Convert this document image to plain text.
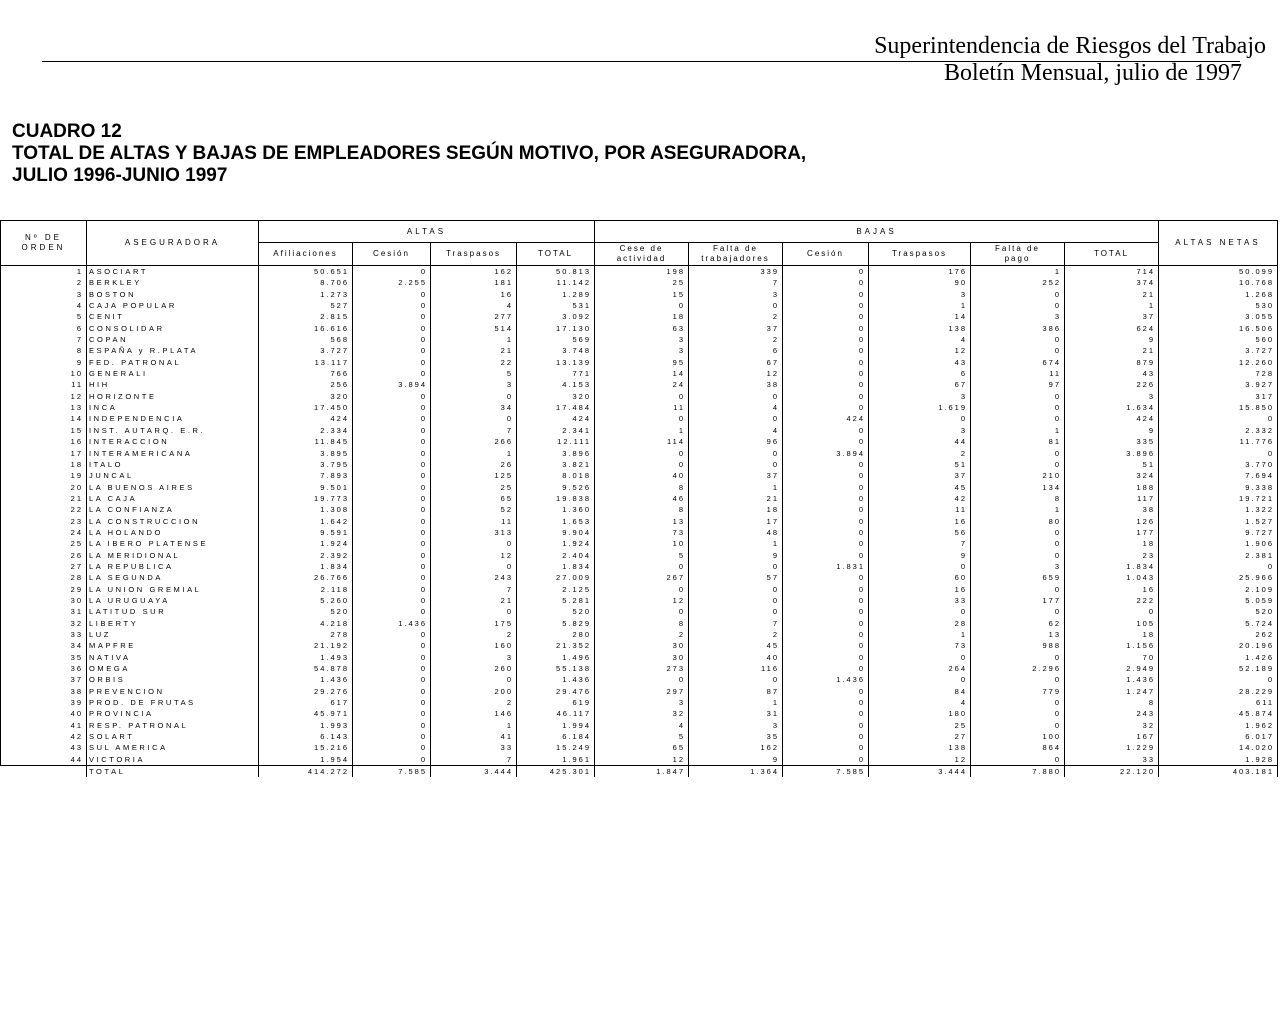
Superintendencia de Riesgos del Trabajo
Boletín Mensual, julio de 1997
CUADRO 12
TOTAL DE ALTAS Y BAJAS DE EMPLEADORES SEGÚN MOTIVO, POR ASEGURADORA,
JULIO 1996-JUNIO 1997
Nº DE ORDEN	ASEGURADORA	ALTAS				BAJAS						ALTAS NETAS
		Afiliaciones	Cesión	Traspasos	TOTAL	Cese de actividad	Falta de trabajadores	Cesión	Traspasos	Falta de pago	TOTAL	
1	ASOCIART	50.651	0	162	50.813	198	339	0	176	1	714	50.099
2	BERKLEY	8.706	2.255	181	11.142	25	7	0	90	252	374	10.768
3	BOSTON	1.273	0	16	1.289	15	3	0	3	0	21	1.268
4	CAJA POPULAR	527	0	4	531	0	0	0	1	0	1	530
5	CENIT	2.815	0	277	3.092	18	2	0	14	3	37	3.055
6	CONSOLIDAR	16.616	0	514	17.130	63	37	0	138	386	624	16.506
7	COPAN	568	0	1	569	3	2	0	4	0	9	560
8	ESPAÑA y R.PLATA	3.727	0	21	3.748	3	6	0	12	0	21	3.727
9	FED. PATRONAL	13.117	0	22	13.139	95	67	0	43	674	879	12.260
10	GENERALI	766	0	5	771	14	12	0	6	11	43	728
11	HIH	256	3.894	3	4.153	24	38	0	67	97	226	3.927
12	HORIZONTE	320	0	0	320	0	0	0	3	0	3	317
13	INCA	17.450	0	34	17.484	11	4	0	1.619	0	1.634	15.850
14	INDEPENDENCIA	424	0	0	424	0	0	424	0	0	424	0
15	INST. AUTARQ. E.R.	2.334	0	7	2.341	1	4	0	3	1	9	2.332
16	INTERACCION	11.845	0	266	12.111	114	96	0	44	81	335	11.776
17	INTERAMERICANA	3.895	0	1	3.896	0	0	3.894	2	0	3.896	0
18	ITALO	3.795	0	26	3.821	0	0	0	51	0	51	3.770
19	JUNCAL	7.893	0	125	8.018	40	37	0	37	210	324	7.694
20	LA BUENOS AIRES	9.501	0	25	9.526	8	1	0	45	134	188	9.338
21	LA CAJA	19.773	0	65	19.838	46	21	0	42	8	117	19.721
22	LA CONFIANZA	1.308	0	52	1.360	8	18	0	11	1	38	1.322
23	LA CONSTRUCCION	1.642	0	11	1.653	13	17	0	16	80	126	1.527
24	LA HOLANDO	9.591	0	313	9.904	73	48	0	56	0	177	9.727
25	LA IBERO PLATENSE	1.924	0	0	1.924	10	1	0	7	0	18	1.906
26	LA MERIDIONAL	2.392	0	12	2.404	5	9	0	9	0	23	2.381
27	LA REPUBLICA	1.834	0	0	1.834	0	0	1.831	0	3	1.834	0
28	LA SEGUNDA	26.766	0	243	27.009	267	57	0	60	659	1.043	25.966
29	LA UNION GREMIAL	2.118	0	7	2.125	0	0	0	16	0	16	2.109
30	LA URUGUAYA	5.260	0	21	5.281	12	0	0	33	177	222	5.059
31	LATITUD SUR	520	0	0	520	0	0	0	0	0	0	520
32	LIBERTY	4.218	1.436	175	5.829	8	7	0	28	62	105	5.724
33	LUZ	278	0	2	280	2	2	0	1	13	18	262
34	MAPFRE	21.192	0	160	21.352	30	45	0	73	988	1.156	20.196
35	NATIVA	1.493	0	3	1.496	30	40	0	0	0	70	1.426
36	OMEGA	54.878	0	260	55.138	273	116	0	264	2.296	2.949	52.189
37	ORBIS	1.436	0	0	1.436	0	0	1.436	0	0	1.436	0
38	PREVENCION	29.276	0	200	29.476	297	87	0	84	779	1.247	28.229
39	PROD. DE FRUTAS	617	0	2	619	3	1	0	4	0	8	611
40	PROVINCIA	45.971	0	146	46.117	32	31	0	180	0	243	45.874
41	RESP. PATRONAL	1.993	0	1	1.994	4	3	0	25	0	32	1.962
42	SOLART	6.143	0	41	6.184	5	35	0	27	100	167	6.017
43	SUL AMERICA	15.216	0	33	15.249	65	162	0	138	864	1.229	14.020
44	VICTORIA	1.954	0	7	1.961	12	9	0	12	0	33	1.928
	TOTAL	414.272	7.585	3.444	425.301	1.847	1.364	7.585	3.444	7.880	22.120	403.181
